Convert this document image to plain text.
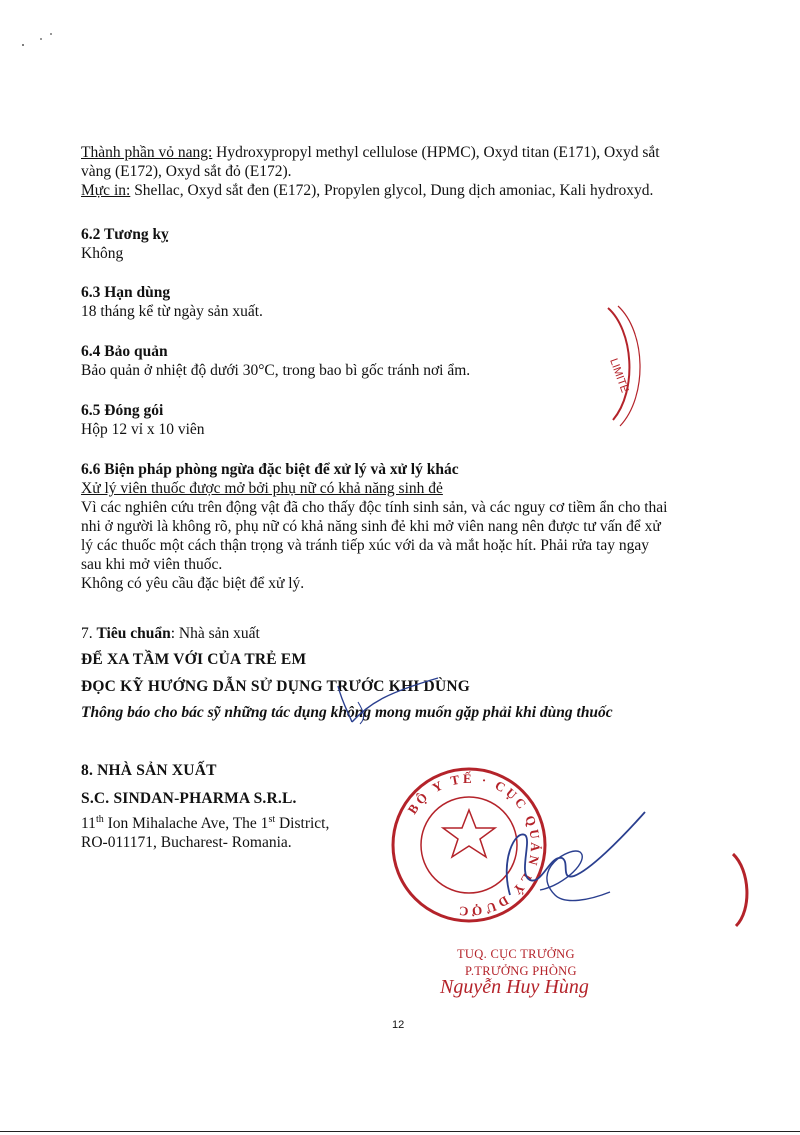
Thành phần vỏ nang: Hydroxypropyl methyl cellulose (HPMC), Oxyd titan (E171), Oxyd sắt
vàng (E172), Oxyd sắt đỏ (E172).
Mực in: Shellac, Oxyd sắt đen (E172), Propylen glycol, Dung dịch amoniac, Kali hydroxyd.
6.2 Tương kỵ
Không
6.3 Hạn dùng
18 tháng kể từ ngày sản xuất.
6.4 Bảo quản
Bảo quản ở nhiệt độ dưới 30°C, trong bao bì gốc tránh nơi ẩm.
6.5 Đóng gói
Hộp 12 vỉ x 10 viên
6.6 Biện pháp phòng ngừa đặc biệt để xử lý và xử lý khác
Xử lý viên thuốc được mở bởi phụ nữ có khả năng sinh đẻ
Vì các nghiên cứu trên động vật đã cho thấy độc tính sinh sản, và các nguy cơ tiềm ẩn cho thai
nhi ở người là không rõ, phụ nữ có khả năng sinh đẻ khi mở viên nang nên được tư vấn để xử
lý các thuốc một cách thận trọng và tránh tiếp xúc với da và mắt hoặc hít. Phải rửa tay ngay
sau khi mở viên thuốc.
Không có yêu cầu đặc biệt để xử lý.
7. Tiêu chuẩn: Nhà sản xuất
ĐỂ XA TẦM VỚI CỦA TRẺ EM
ĐỌC KỸ HƯỚNG DẪN SỬ DỤNG TRƯỚC KHI DÙNG
Thông báo cho bác sỹ những tác dụng không mong muốn gặp phải khi dùng thuốc
8. NHÀ SẢN XUẤT
S.C. SINDAN-PHARMA S.R.L.
11th Ion Mihalache Ave, The 1st District,
RO-011171, Bucharest- Romania.
LIMITE
BỘ Y TẾ · CỤC QUẢN LÝ DƯỢC
TUQ. CỤC TRƯỞNG
P.TRƯỞNG PHÒNG
Nguyễn Huy Hùng
12
